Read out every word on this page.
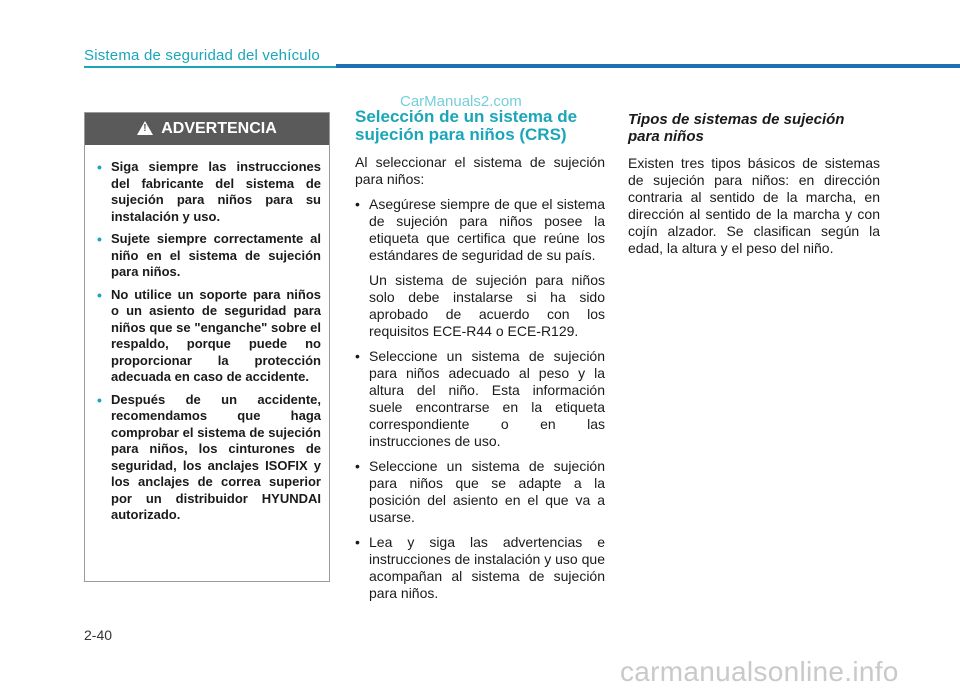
Sistema de seguridad del vehículo
CarManuals2.com
! ADVERTENCIA
• Siga siempre las instrucciones del fabricante del sistema de sujeción para niños para su instalación y uso.
• Sujete siempre correctamente al niño en el sistema de sujeción para niños.
• No utilice un soporte para niños o un asiento de seguridad para niños que se "enganche" sobre el respaldo, porque puede no proporcionar la protección adecuada en caso de accidente.
• Después de un accidente, recomendamos que haga comprobar el sistema de sujeción para niños, los cinturones de seguridad, los anclajes ISOFIX y los anclajes de correa superior por un distribuidor HYUNDAI autorizado.
Selección de un sistema de sujeción para niños (CRS)

Al seleccionar el sistema de sujeción para niños:

• Asegúrese siempre de que el sistema de sujeción para niños posee la etiqueta que certifica que reúne los estándares de seguridad de su país.
Un sistema de sujeción para niños solo debe instalarse si ha sido aprobado de acuerdo con los requisitos ECE-R44 o ECE-R129.
• Seleccione un sistema de sujeción para niños adecuado al peso y la altura del niño. Esta información suele encontrarse en la etiqueta correspondiente o en las instrucciones de uso.
• Seleccione un sistema de sujeción para niños que se adapte a la posición del asiento en el que va a usarse.
• Lea y siga las advertencias e instrucciones de instalación y uso que acompañan al sistema de sujeción para niños.
Tipos de sistemas de sujeción para niños

Existen tres tipos básicos de sistemas de sujeción para niños: en dirección contraria al sentido de la marcha, en dirección al sentido de la marcha y con cojín alzador. Se clasifican según la edad, la altura y el peso del niño.

2-40
carmanualsonline.info
